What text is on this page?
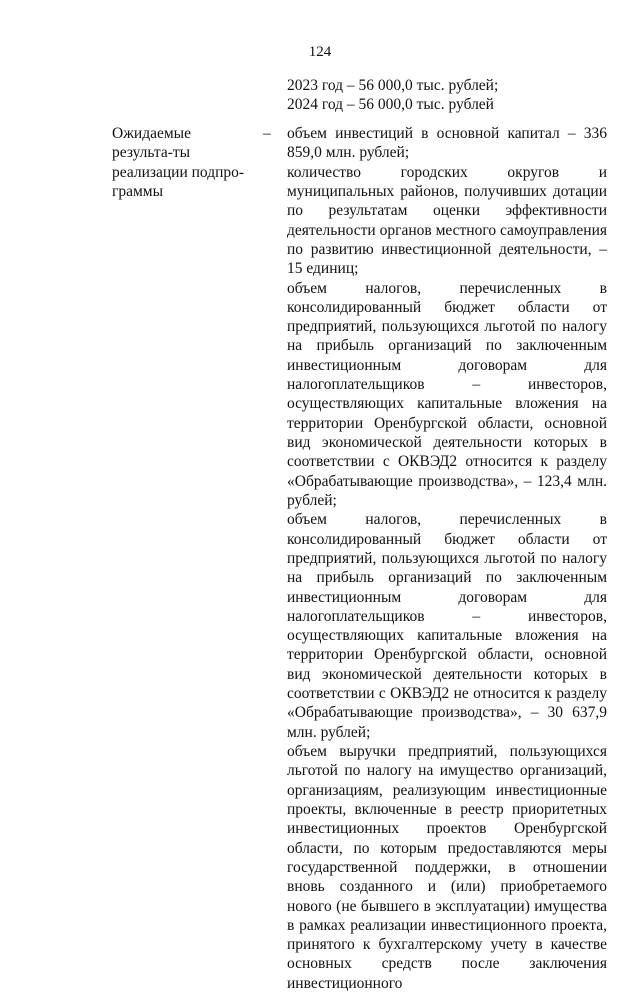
124
2023 год – 56 000,0 тыс. рублей;
2024 год – 56 000,0 тыс. рублей
Ожидаемые результа-ты реализации подпро-граммы
– объем инвестиций в основной капитал – 336 859,0 млн. рублей;

количество городских округов и муниципальных районов, получивших дотации по результатам оценки эффективности деятельности органов местного самоуправления по развитию инвестиционной деятельности, – 15 единиц;

объем налогов, перечисленных в консолидированный бюджет области от предприятий, пользующихся льготой по налогу на прибыль организаций по заключенным инвестиционным договорам для налогоплательщиков – инвесторов, осуществляющих капитальные вложения на территории Оренбургской области, основной вид экономической деятельности которых в соответствии с ОКВЭД2 относится к разделу «Обрабатывающие производства», – 123,4 млн. рублей;

объем налогов, перечисленных в консолидированный бюджет области от предприятий, пользующихся льготой по налогу на прибыль организаций по заключенным инвестиционным договорам для налогоплательщиков – инвесторов, осуществляющих капитальные вложения на территории Оренбургской области, основной вид экономической деятельности которых в соответствии с ОКВЭД2 не относится к разделу «Обрабатывающие производства», – 30 637,9 млн. рублей;

объем выручки предприятий, пользующихся льготой по налогу на имущество организаций, организациям, реализующим инвестиционные проекты, включенные в реестр приоритетных инвестиционных проектов Оренбургской области, по которым предоставляются меры государственной поддержки, в отношении вновь созданного и (или) приобретаемого нового (не бывшего в эксплуатации) имущества в рамках реализации инвестиционного проекта, принятого к бухгалтерскому учету в качестве основных средств после заключения инвестиционного
